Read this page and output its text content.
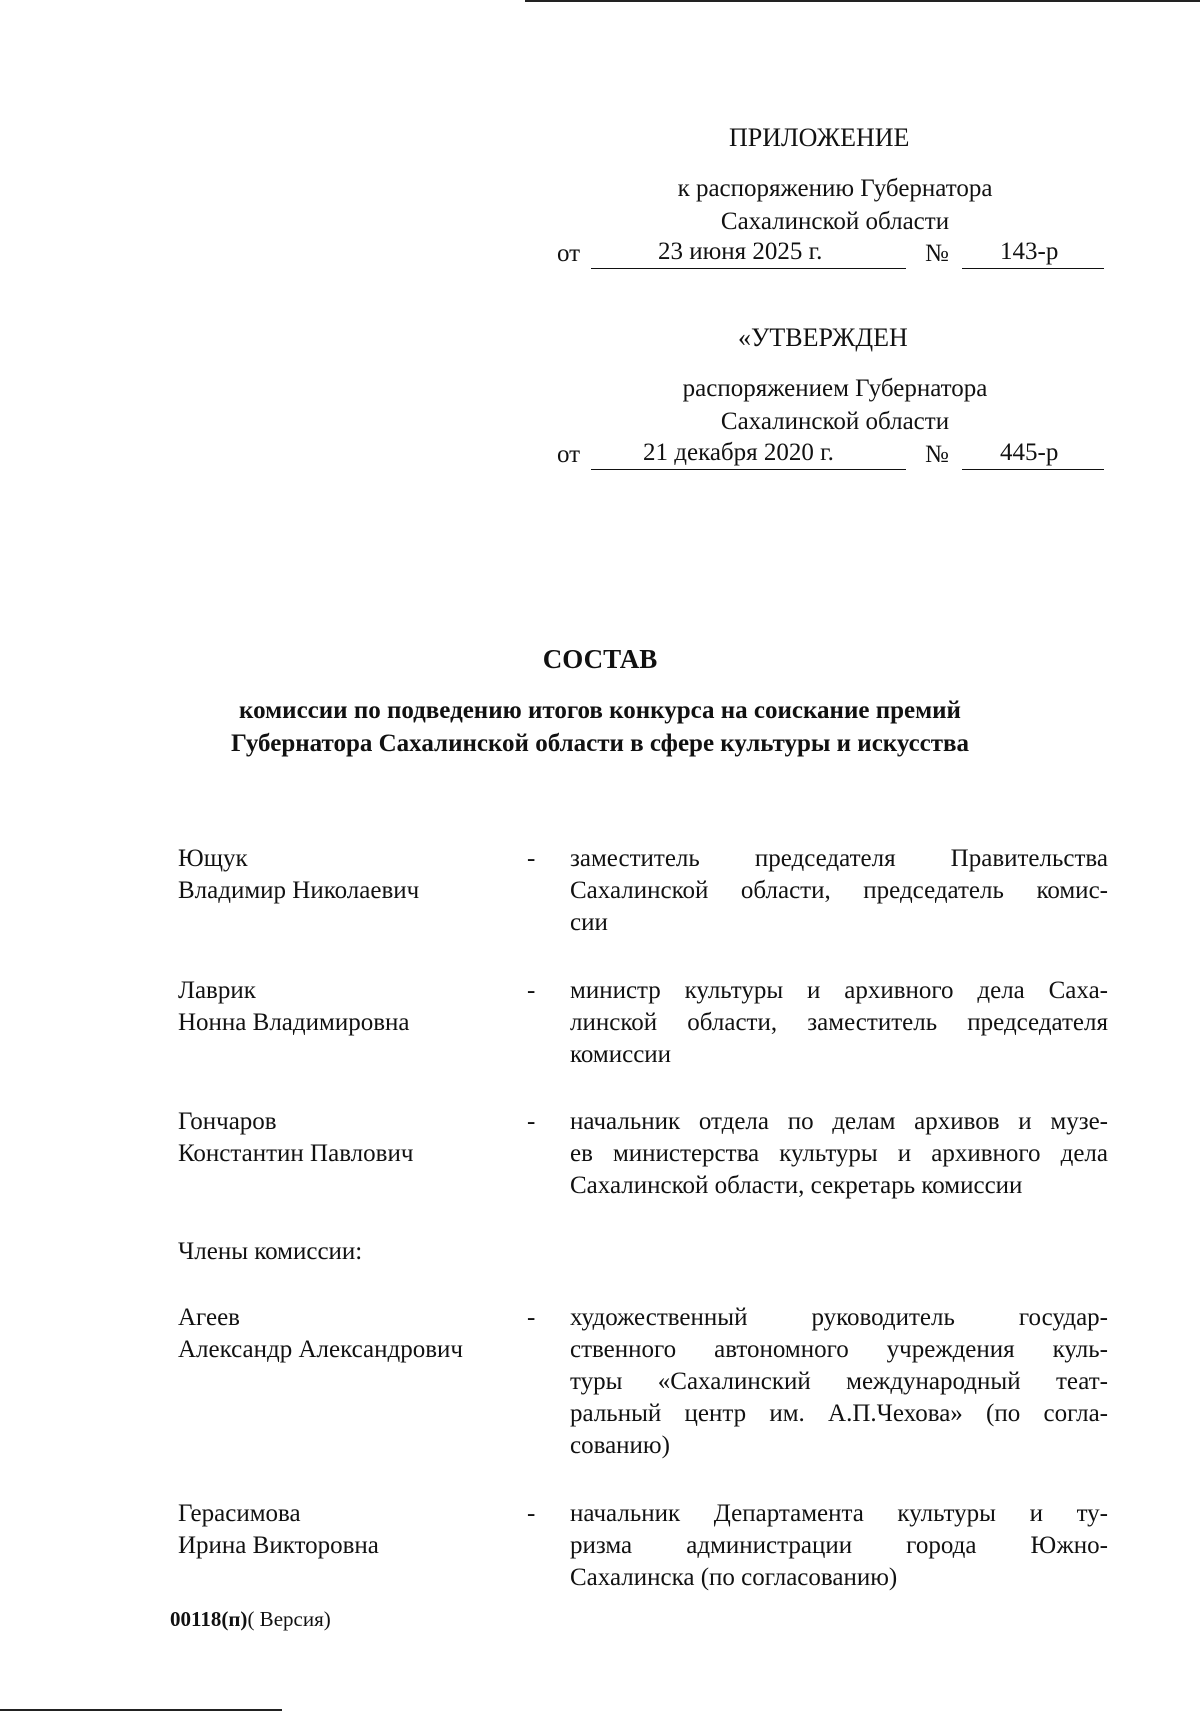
ПРИЛОЖЕНИЕ
к распоряжению Губернатора
Сахалинской области
от	23 июня 2025 г.	№ 143-р
«УТВЕРЖДЕН
распоряжением Губернатора
Сахалинской области
от	21 декабря 2020 г.	№ 445-р
СОСТАВ
комиссии по подведению итогов конкурса на соискание премий
Губернатора Сахалинской области в сфере культуры и искусства
Ющук
Владимир Николаевич
- заместитель председателя Правительства
Сахалинской области, председатель комис-
сии
Лаврик
Нонна Владимировна
- министр культуры и архивного дела Саха-
линской области, заместитель председателя
комиссии
Гончаров
Константин Павлович
- начальник отдела по делам архивов и музе-
ев министерства культуры и архивного дела
Сахалинской области, секретарь комиссии
Члены комиссии:
Агеев
Александр Александрович
- художественный руководитель государ-
ственного автономного учреждения куль-
туры «Сахалинский международный теат-
ральный центр им. А.П.Чехова» (по согла-
сованию)
Герасимова
Ирина Викторовна
- начальник Департамента культуры и ту-
ризма администрации города Южно-
Сахалинска (по согласованию)
00118(п)( Версия)
